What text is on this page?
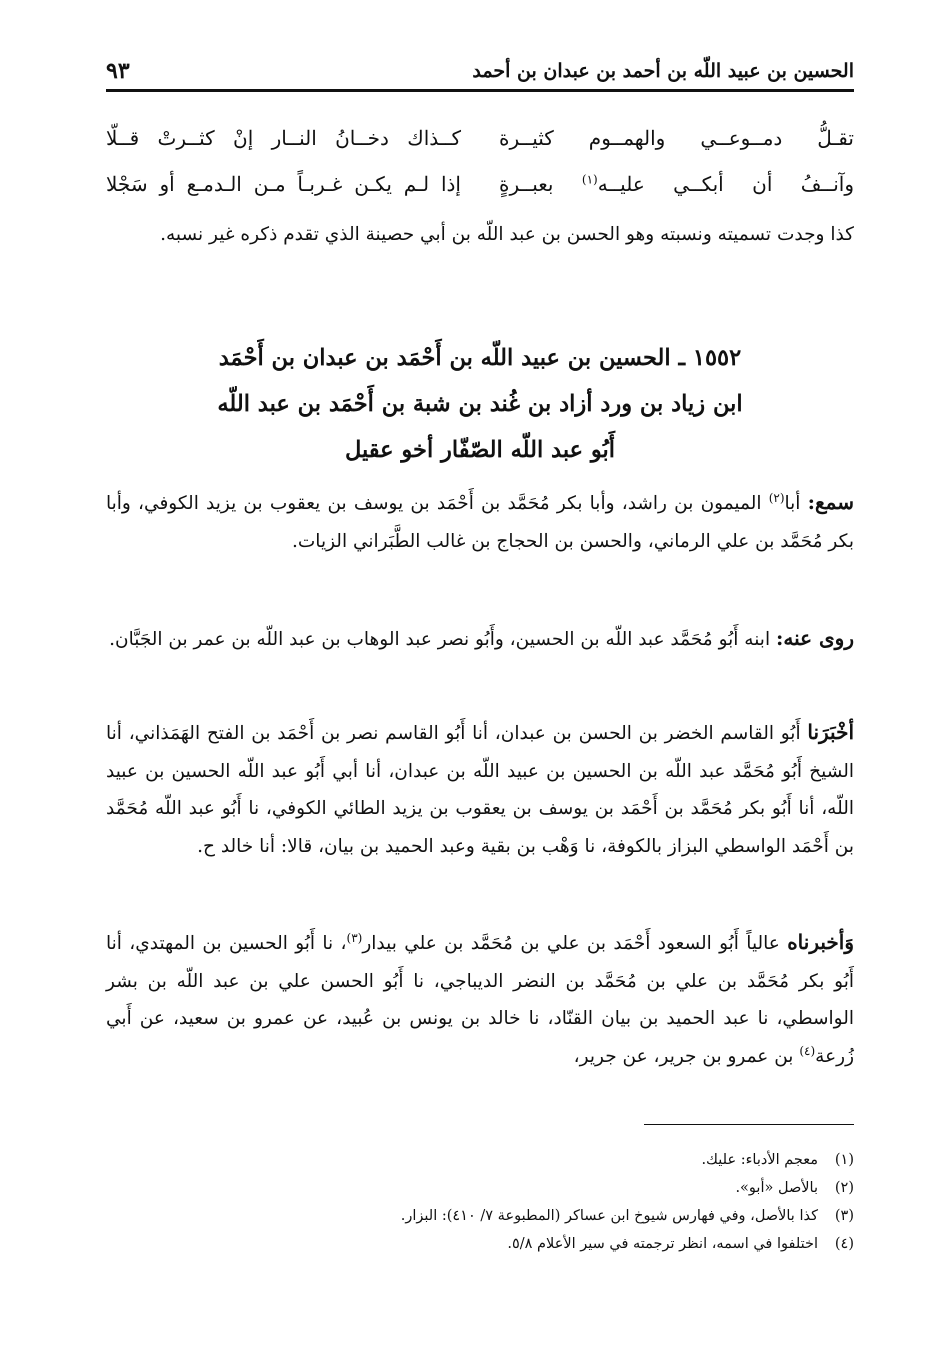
الحسين بن عبيد اللّه بن أحمد بن عبدان بن أحمد
٩٣
تقـلُّ دمــوعــي والهمــوم كثيــرة
كــذاك دخــانُ النــار إنْ كثــرتْ قــلّا
وآنــفُ أن أبكــي عليــه$^{(١)}$ بعبــرةٍ
إذا لـم يكـن غـربـاً مـن الـدمـع أو سَجْلا
كذا وجدت تسميته ونسبته وهو الحسن بن عبد اللّه بن أبي حصينة الذي تقدم ذكره غير نسبه.
١٥٥٢ ـ الحسين بن عبيد اللّه بن أَحْمَد بن عبدان بن أَحْمَد
ابن زياد بن ورد أزاد بن غُند بن شبة بن أَحْمَد بن عبد اللّه
أَبُو عبد اللّه الصّفّار أخو عقيل
سمع: أبا$^{(٢)}$ الميمون بن راشد، وأبا بكر مُحَمَّد بن أَحْمَد بن يوسف بن يعقوب بن يزيد الكوفي، وأبا بكر مُحَمَّد بن علي الرماني، والحسن بن الحجاج بن غالب الطَّبَراني الزيات.
روى عنه: ابنه أَبُو مُحَمَّد عبد اللّه بن الحسين، وأَبُو نصر عبد الوهاب بن عبد اللّه بن عمر بن الجَبَّان.
أخْبَرَنا أَبُو القاسم الخضر بن الحسن بن عبدان، أنا أَبُو القاسم نصر بن أَحْمَد بن الفتح الهَمَذاني، أنا الشيخ أَبُو مُحَمَّد عبد اللّه بن الحسين بن عبيد اللّه بن عبدان، أنا أبي أَبُو عبد اللّه الحسين بن عبيد اللّه، أنا أَبُو بكر مُحَمَّد بن أَحْمَد بن يوسف بن يعقوب بن يزيد الطائي الكوفي، نا أَبُو عبد اللّه مُحَمَّد بن أَحْمَد الواسطي البزاز بالكوفة، نا وَهْب بن بقية وعبد الحميد بن بيان، قالا: أنا خالد ح.
وَأخبرناه عالياً أَبُو السعود أَحْمَد بن علي بن مُحَمَّد بن علي بيدار$^{(٣)}$، نا أَبُو الحسين بن المهتدي، أنا أَبُو بكر مُحَمَّد بن علي بن مُحَمَّد بن النضر الديباجي، نا أَبُو الحسن علي بن عبد اللّه بن بشر الواسطي، نا عبد الحميد بن بيان القنّاد، نا خالد بن يونس بن عُبيد، عن عمرو بن سعيد، عن أَبي زُرعة$^{(٤)}$ بن عمرو بن جرير، عن جرير،
(١)معجم الأدباء: عليك.
(٢)بالأصل «أبو».
(٣)كذا بالأصل، وفي فهارس شيوخ ابن عساكر (المطبوعة ٧/ ٤١٠): البزار.
(٤)اختلفوا في اسمه، انظر ترجمته في سير الأعلام ٥/٨.
